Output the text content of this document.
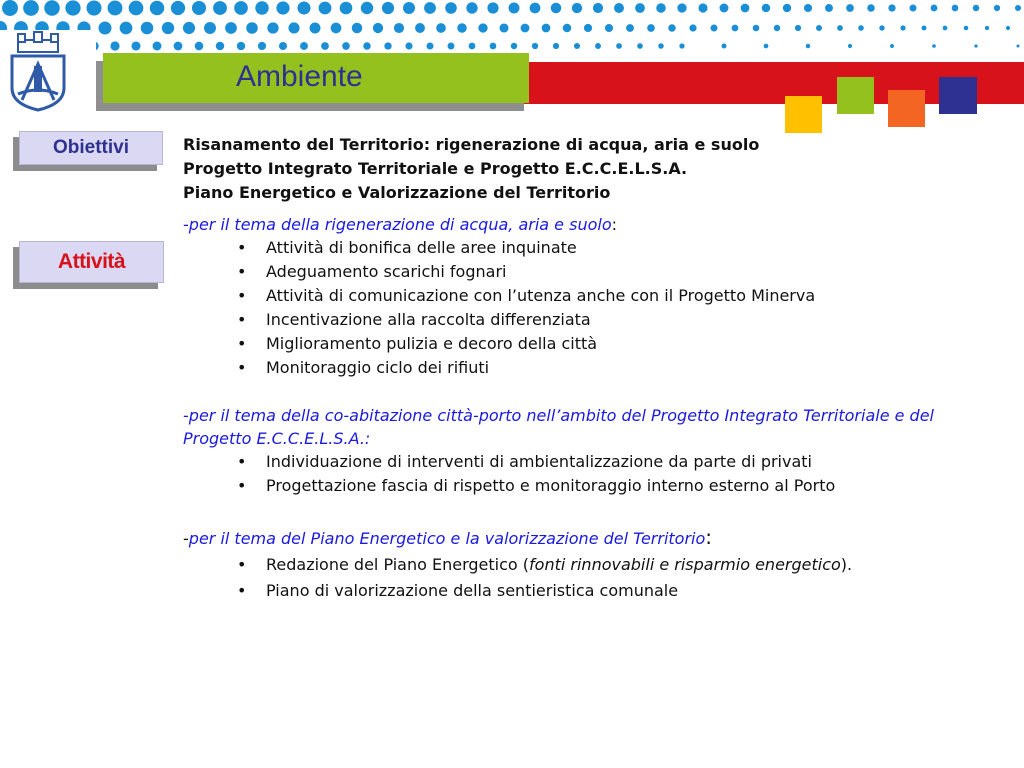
Ambiente
Obiettivi
Attività
Risanamento del Territorio: rigenerazione di acqua, aria e suolo
Progetto Integrato Territoriale e Progetto E.C.C.E.L.S.A.
Piano Energetico e Valorizzazione del Territorio
-per il tema della rigenerazione di acqua, aria e suolo:
• Attività di bonifica delle aree inquinate
• Adeguamento scarichi fognari
• Attività di comunicazione con l’utenza anche con il Progetto Minerva
• Incentivazione alla raccolta differenziata
• Miglioramento pulizia e decoro della città
• Monitoraggio ciclo dei rifiuti
-per il tema della co-abitazione città-porto nell’ambito del Progetto Integrato Territoriale e del Progetto E.C.C.E.L.S.A.:
• Individuazione di interventi di ambientalizzazione da parte di privati
• Progettazione fascia di rispetto e monitoraggio interno esterno al Porto
-per il tema del Piano Energetico e la valorizzazione del Territorio:
• Redazione del Piano Energetico (fonti rinnovabili e risparmio energetico).
• Piano di valorizzazione della sentieristica comunale
